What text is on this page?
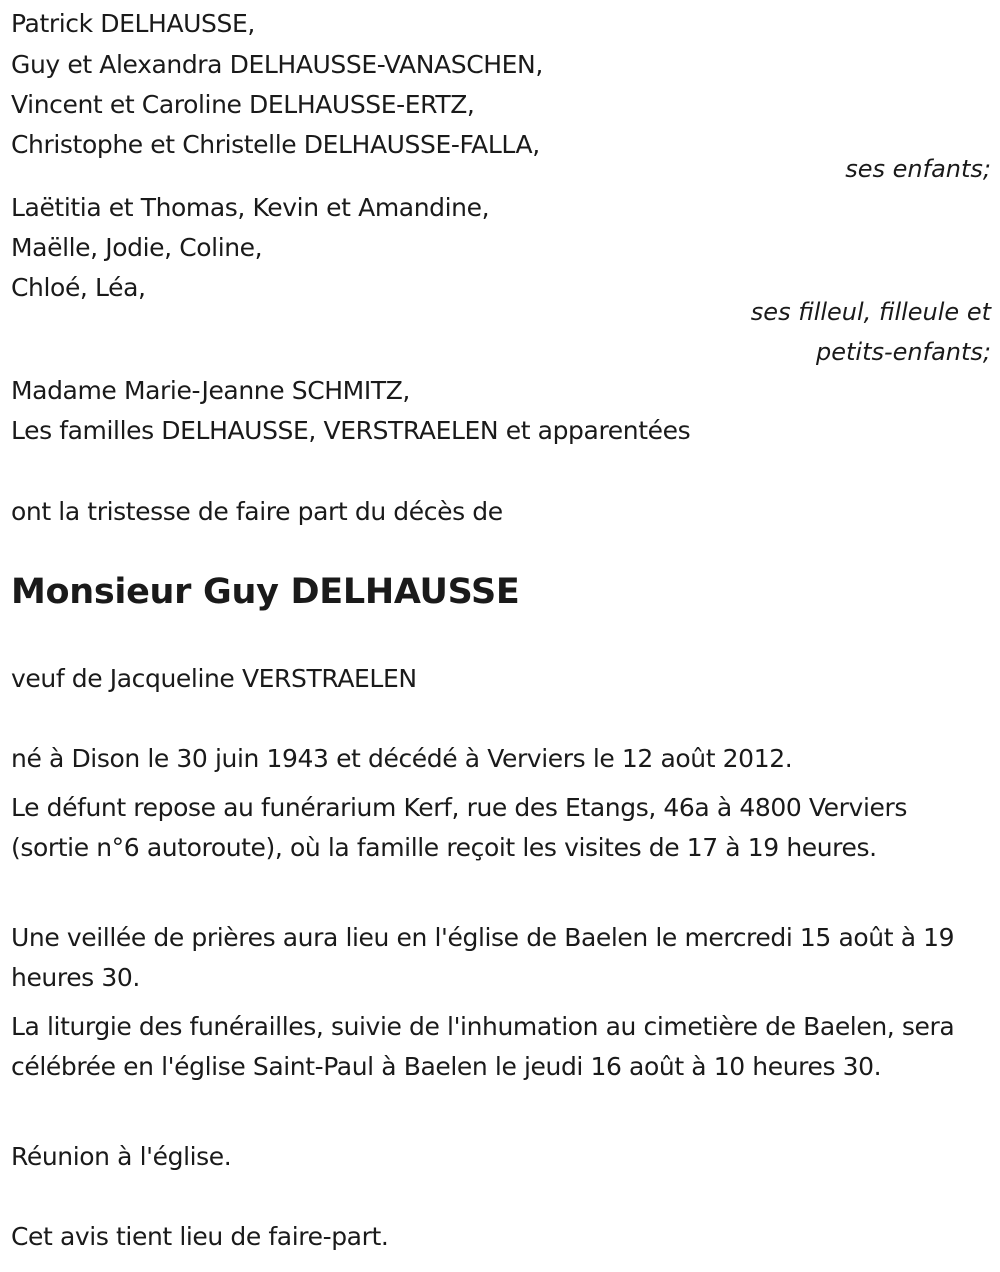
Patrick DELHAUSSE,
Guy et Alexandra DELHAUSSE-VANASCHEN,
Vincent et Caroline DELHAUSSE-ERTZ,
Christophe et Christelle DELHAUSSE-FALLA,
ses enfants;
Laëtitia et Thomas, Kevin et Amandine,
Maëlle, Jodie, Coline,
Chloé, Léa,
ses filleul, filleule et
petits-enfants;
Madame Marie-Jeanne SCHMITZ,
Les familles DELHAUSSE, VERSTRAELEN et apparentées
ont la tristesse de faire part du décès de
Monsieur Guy DELHAUSSE
veuf de Jacqueline VERSTRAELEN
né à Dison le 30 juin 1943 et décédé à Verviers le 12 août 2012.
Le défunt repose au funérarium Kerf, rue des Etangs, 46a à 4800 Verviers (sortie n°6 autoroute), où la famille reçoit les visites de 17 à 19 heures.
Une veillée de prières aura lieu en l'église de Baelen le mercredi 15 août à 19 heures 30.
La liturgie des funérailles, suivie de l'inhumation au cimetière de Baelen, sera célébrée en l'église Saint-Paul à Baelen le jeudi 16 août à 10 heures 30.
Réunion à l'église.
Cet avis tient lieu de faire-part.
